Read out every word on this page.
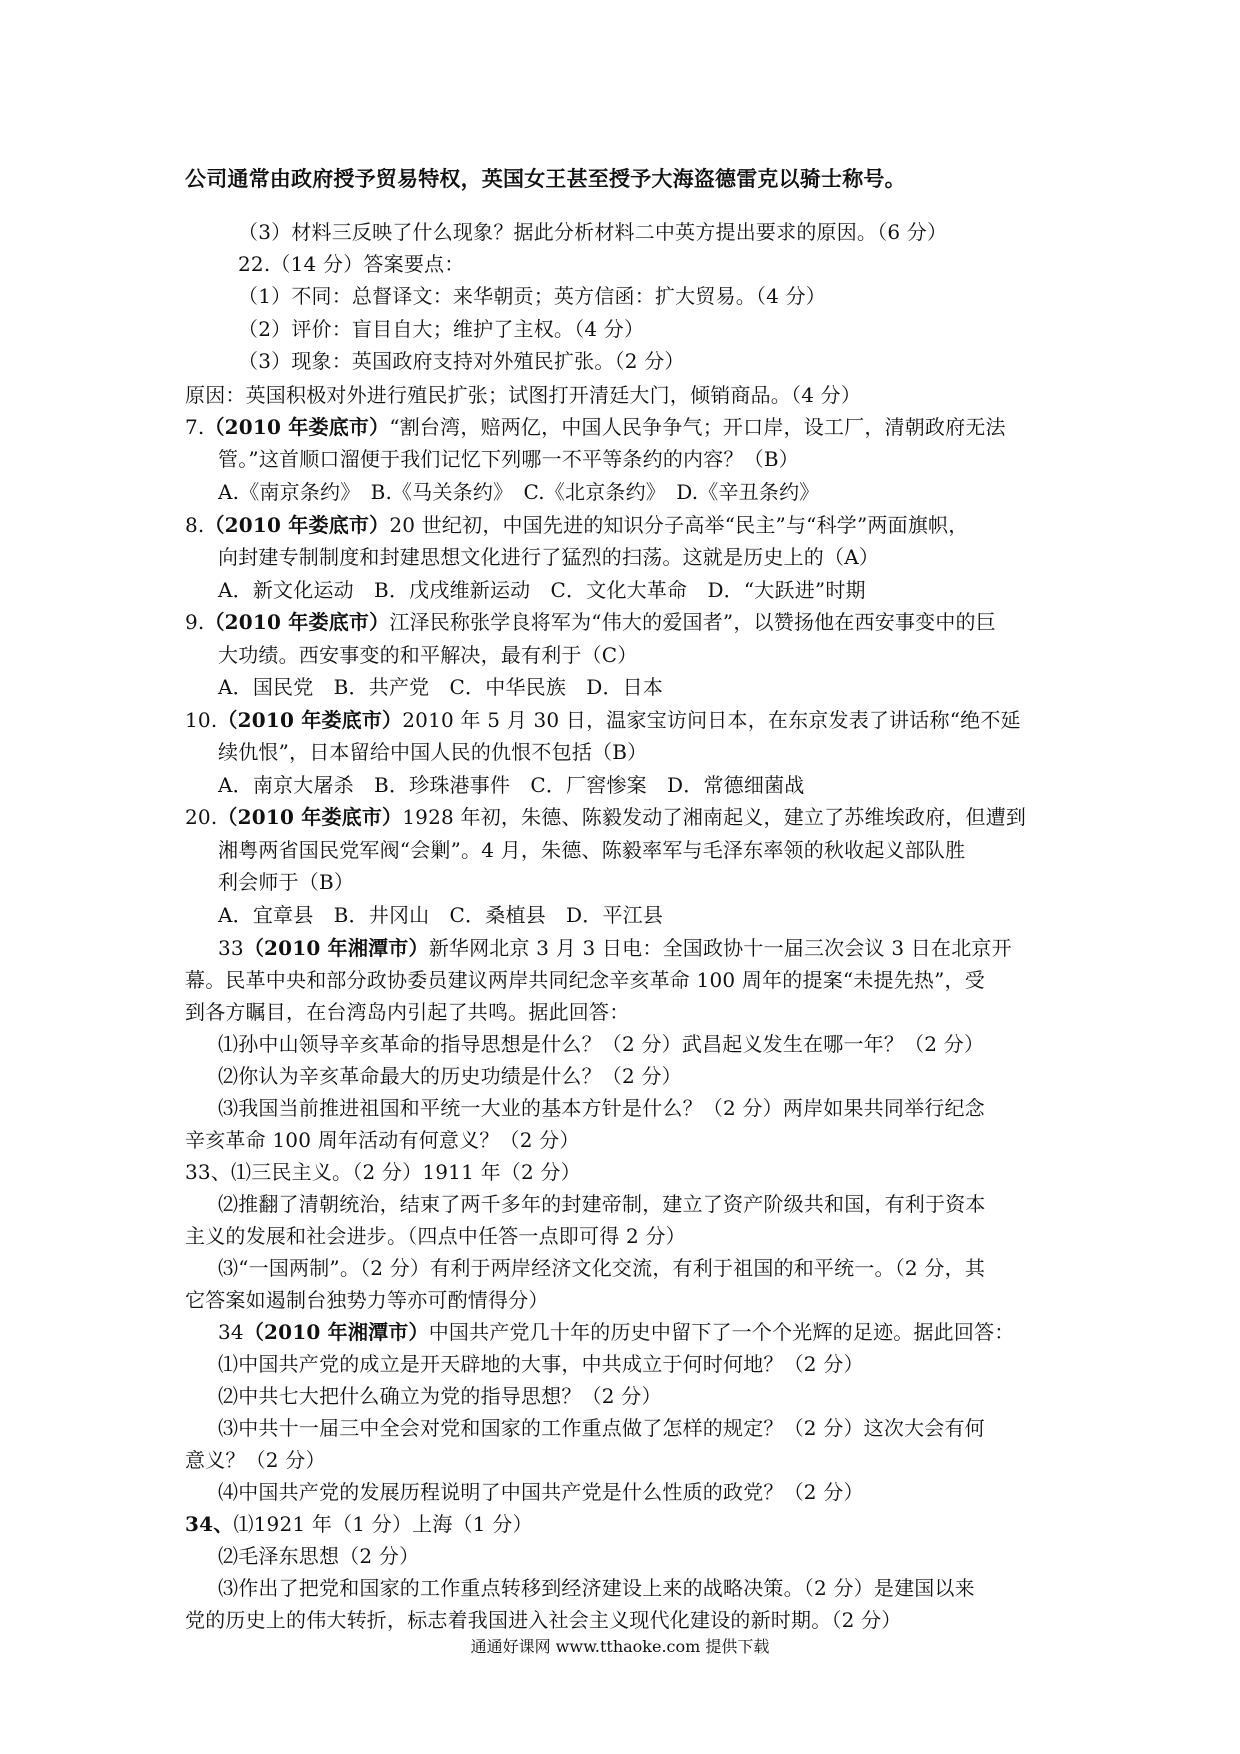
公司通常由政府授予贸易特权，英国女王甚至授予大海盗德雷克以骑士称号。
（3）材料三反映了什么现象？据此分析材料二中英方提出要求的原因。（6 分）
22.（14 分）答案要点：
（1）不同：总督译文：来华朝贡；英方信函：扩大贸易。（4 分）
（2）评价：盲目自大；维护了主权。（4 分）
（3）现象：英国政府支持对外殖民扩张。（2 分）
原因：英国积极对外进行殖民扩张；试图打开清廷大门，倾销商品。（4 分）
7.（2010 年娄底市）“割台湾，赔两亿，中国人民争争气；开口岸，设工厂，清朝政府无法
管。”这首顺口溜便于我们记忆下列哪一不平等条约的内容？（B）
A.《南京条约》　B.《马关条约》　C.《北京条约》　D.《辛丑条约》
8.（2010 年娄底市）20 世纪初，中国先进的知识分子高举“民主”与“科学”两面旗帜，
向封建专制制度和封建思想文化进行了猛烈的扫荡。这就是历史上的（A）
A．新文化运动　B．戊戌维新运动　C．文化大革命　D．“大跃进”时期
9.（2010 年娄底市）江泽民称张学良将军为“伟大的爱国者”，以赞扬他在西安事变中的巨
大功绩。西安事变的和平解决，最有利于（C）
A．国民党　B．共产党　C．中华民族　D．日本
10.（2010 年娄底市）2010 年 5 月 30 日，温家宝访问日本，在东京发表了讲话称“绝不延
续仇恨”，日本留给中国人民的仇恨不包括（B）
A．南京大屠杀　B．珍珠港事件　C．厂窖惨案　D．常德细菌战
20.（2010 年娄底市）1928 年初，朱德、陈毅发动了湘南起义，建立了苏维埃政府，但遭到
湘粤两省国民党军阀“会剿”。4 月，朱德、陈毅率军与毛泽东率领的秋收起义部队胜
利会师于（B）
A．宜章县　B．井冈山　C．桑植县　D．平江县
33（2010 年湘潭市）新华网北京 3 月 3 日电：全国政协十一届三次会议 3 日在北京开
幕。民革中央和部分政协委员建议两岸共同纪念辛亥革命 100 周年的提案“未提先热”，受
到各方瞩目，在台湾岛内引起了共鸣。据此回答：
⑴孙中山领导辛亥革命的指导思想是什么？（2 分）武昌起义发生在哪一年？（2 分）
⑵你认为辛亥革命最大的历史功绩是什么？（2 分）
⑶我国当前推进祖国和平统一大业的基本方针是什么？（2 分）两岸如果共同举行纪念
辛亥革命 100 周年活动有何意义？（2 分）
33、⑴三民主义。（2 分）1911 年（2 分）
⑵推翻了清朝统治，结束了两千多年的封建帝制，建立了资产阶级共和国，有利于资本
主义的发展和社会进步。（四点中任答一点即可得 2 分）
⑶“一国两制”。（2 分）有利于两岸经济文化交流，有利于祖国的和平统一。（2 分，其
它答案如遏制台独势力等亦可酌情得分）
34（2010 年湘潭市）中国共产党几十年的历史中留下了一个个光辉的足迹。据此回答：
⑴中国共产党的成立是开天辟地的大事，中共成立于何时何地？（2 分）
⑵中共七大把什么确立为党的指导思想？（2 分）
⑶中共十一届三中全会对党和国家的工作重点做了怎样的规定？（2 分）这次大会有何
意义？（2 分）
⑷中国共产党的发展历程说明了中国共产党是什么性质的政党？（2 分）
34、⑴1921 年（1 分）上海（1 分）
⑵毛泽东思想（2 分）
⑶作出了把党和国家的工作重点转移到经济建设上来的战略决策。（2 分）是建国以来
党的历史上的伟大转折，标志着我国进入社会主义现代化建设的新时期。（2 分）
通通好课网 www.tthaoke.com 提供下载
